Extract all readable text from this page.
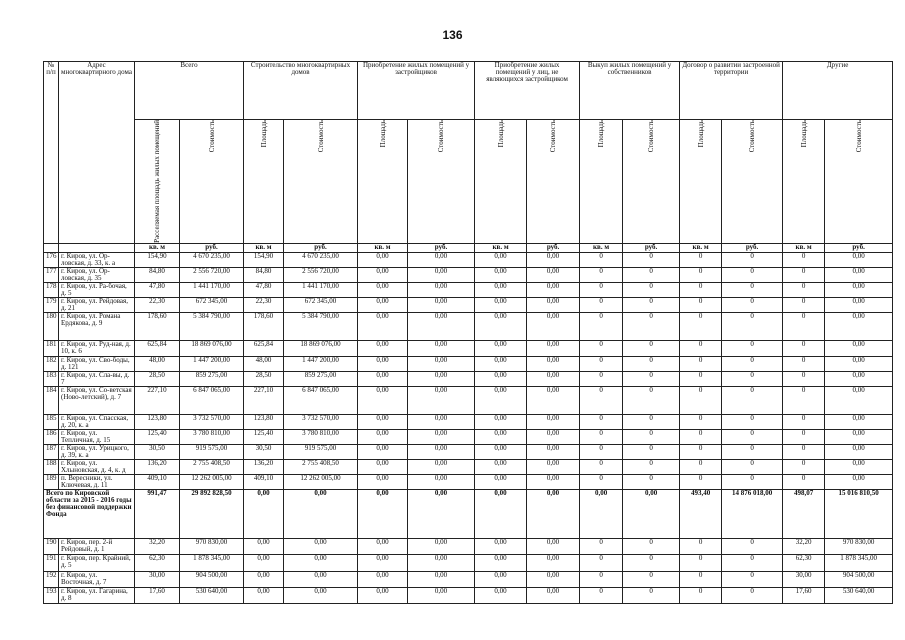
136
№ п/п	Адрес многоквартирного дома	Всего		Строительство многоквартирных домов		Приобретение жилых помещений у застройщиков		Приобретение жилых помещений у лиц, не являющихся застройщиком		Выкуп жилых помещений у собственников		Договор о развитии застроенной территории		Другие	

		Расселяемая площадь жилых помещений	Стоимость	Площадь	Стоимость	Площадь	Стоимость	Площадь	Стоимость	Площадь	Стоимость	Площадь	Стоимость	Площадь	Стоимость

		кв. м	руб.	кв. м	руб.	кв. м	руб.	кв. м	руб.	кв. м	руб.	кв. м	руб.	кв. м	руб.
176	г. Киров, ул. Ор-ловская, д. 33, к. а	154,90	4 670 235,00	154,90	4 670 235,00	0,00	0,00	0,00	0,00	0	0	0	0	0	0,00
177	г. Киров, ул. Ор-ловская, д. 35	84,80	2 556 720,00	84,80	2 556 720,00	0,00	0,00	0,00	0,00	0	0	0	0	0	0,00
178	г. Киров, ул. Ра-бочая, д. 5	47,80	1 441 170,00	47,80	1 441 170,00	0,00	0,00	0,00	0,00	0	0	0	0	0	0,00
179	г. Киров, ул. Рейдовая, д. 21	22,30	672 345,00	22,30	672 345,00	0,00	0,00	0,00	0,00	0	0	0	0	0	0,00
180	г. Киров, ул. Романа Ердякова, д. 9	178,60	5 384 790,00	178,60	5 384 790,00	0,00	0,00	0,00	0,00	0	0	0	0	0	0,00
181	г. Киров, ул. Руд-ная, д. 10, к. 6	625,84	18 869 076,00	625,84	18 869 076,00	0,00	0,00	0,00	0,00	0	0	0	0	0	0,00
182	г. Киров, ул. Сво-боды, д. 121	48,00	1 447 200,00	48,00	1 447 200,00	0,00	0,00	0,00	0,00	0	0	0	0	0	0,00
183	г. Киров, ул. Сла-вы, д. 7	28,50	859 275,00	28,50	859 275,00	0,00	0,00	0,00	0,00	0	0	0	0	0	0,00
184	г. Киров, ул. Со-ветская (Ново-летский), д. 7	227,10	6 847 065,00	227,10	6 847 065,00	0,00	0,00	0,00	0,00	0	0	0	0	0	0,00
185	г. Киров, ул. Спасская, д. 20, к. а	123,80	3 732 570,00	123,80	3 732 570,00	0,00	0,00	0,00	0,00	0	0	0	0	0	0,00
186	г. Киров, ул. Тепличная, д. 15	125,40	3 780 810,00	125,40	3 780 810,00	0,00	0,00	0,00	0,00	0	0	0	0	0	0,00
187	г. Киров, ул. Урицкого, д. 39, к. а	30,50	919 575,00	30,50	919 575,00	0,00	0,00	0,00	0,00	0	0	0	0	0	0,00
188	г. Киров, ул. Хлыновская, д. 4, к. д	136,20	2 755 408,50	136,20	2 755 408,50	0,00	0,00	0,00	0,00	0	0	0	0	0	0,00
189	п. Вересники, ул. Ключевая, д. 11	409,10	12 262 005,00	409,10	12 262 005,00	0,00	0,00	0,00	0,00	0	0	0	0	0	0,00
Всего по Кировской области за 2015 - 2016 годы без финансовой поддержки Фонда		991,47	29 892 828,50	0,00	0,00	0,00	0,00	0,00	0,00	0,00	0,00	493,40	14 876 018,00	498,07	15 016 810,50
190	г. Киров, пер. 2-й Рейдовый, д. 1	32,20	970 830,00	0,00	0,00	0,00	0,00	0,00	0,00	0	0	0	0	32,20	970 830,00
191	г. Киров, пер. Крайний, д. 5	62,30	1 878 345,00	0,00	0,00	0,00	0,00	0,00	0,00	0	0	0	0	62,30	1 878 345,00
192	г. Киров, ул. Восточная, д. 7	30,00	904 500,00	0,00	0,00	0,00	0,00	0,00	0,00	0	0	0	0	30,00	904 500,00
193	г. Киров, ул. Гагарина, д. 8	17,60	530 640,00	0,00	0,00	0,00	0,00	0,00	0,00	0	0	0	0	17,60	530 640,00
